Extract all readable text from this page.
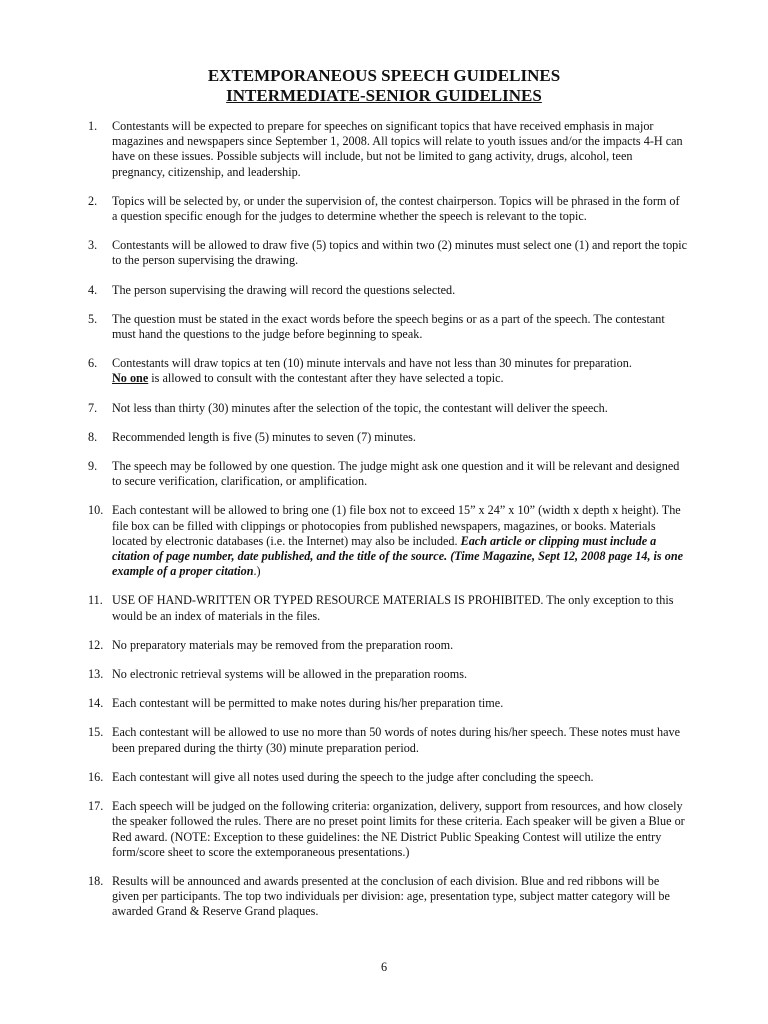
EXTEMPORANEOUS SPEECH GUIDELINES
INTERMEDIATE-SENIOR GUIDELINES
1. Contestants will be expected to prepare for speeches on significant topics that have received emphasis in major magazines and newspapers since September 1, 2008. All topics will relate to youth issues and/or the impacts 4-H can have on these issues. Possible subjects will include, but not be limited to gang activity, drugs, alcohol, teen pregnancy, citizenship, and leadership.
2. Topics will be selected by, or under the supervision of, the contest chairperson. Topics will be phrased in the form of a question specific enough for the judges to determine whether the speech is relevant to the topic.
3. Contestants will be allowed to draw five (5) topics and within two (2) minutes must select one (1) and report the topic to the person supervising the drawing.
4. The person supervising the drawing will record the questions selected.
5. The question must be stated in the exact words before the speech begins or as a part of the speech. The contestant must hand the questions to the judge before beginning to speak.
6. Contestants will draw topics at ten (10) minute intervals and have not less than 30 minutes for preparation.
No one is allowed to consult with the contestant after they have selected a topic.
7. Not less than thirty (30) minutes after the selection of the topic, the contestant will deliver the speech.
8. Recommended length is five (5) minutes to seven (7) minutes.
9. The speech may be followed by one question. The judge might ask one question and it will be relevant and designed to secure verification, clarification, or amplification.
10. Each contestant will be allowed to bring one (1) file box not to exceed 15” x 24” x 10” (width x depth x height). The file box can be filled with clippings or photocopies from published newspapers, magazines, or books. Materials located by electronic databases (i.e. the Internet) may also be included. Each article or clipping must include a citation of page number, date published, and the title of the source. (Time Magazine, Sept 12, 2008 page 14, is one example of a proper citation.)
11. USE OF HAND-WRITTEN OR TYPED RESOURCE MATERIALS IS PROHIBITED. The only exception to this would be an index of materials in the files.
12. No preparatory materials may be removed from the preparation room.
13. No electronic retrieval systems will be allowed in the preparation rooms.
14. Each contestant will be permitted to make notes during his/her preparation time.
15. Each contestant will be allowed to use no more than 50 words of notes during his/her speech. These notes must have been prepared during the thirty (30) minute preparation period.
16. Each contestant will give all notes used during the speech to the judge after concluding the speech.
17. Each speech will be judged on the following criteria: organization, delivery, support from resources, and how closely the speaker followed the rules. There are no preset point limits for these criteria. Each speaker will be given a Blue or Red award. (NOTE: Exception to these guidelines: the NE District Public Speaking Contest will utilize the entry form/score sheet to score the extemporaneous presentations.)
18. Results will be announced and awards presented at the conclusion of each division. Blue and red ribbons will be given per participants. The top two individuals per division: age, presentation type, subject matter category will be awarded Grand & Reserve Grand plaques.
6
